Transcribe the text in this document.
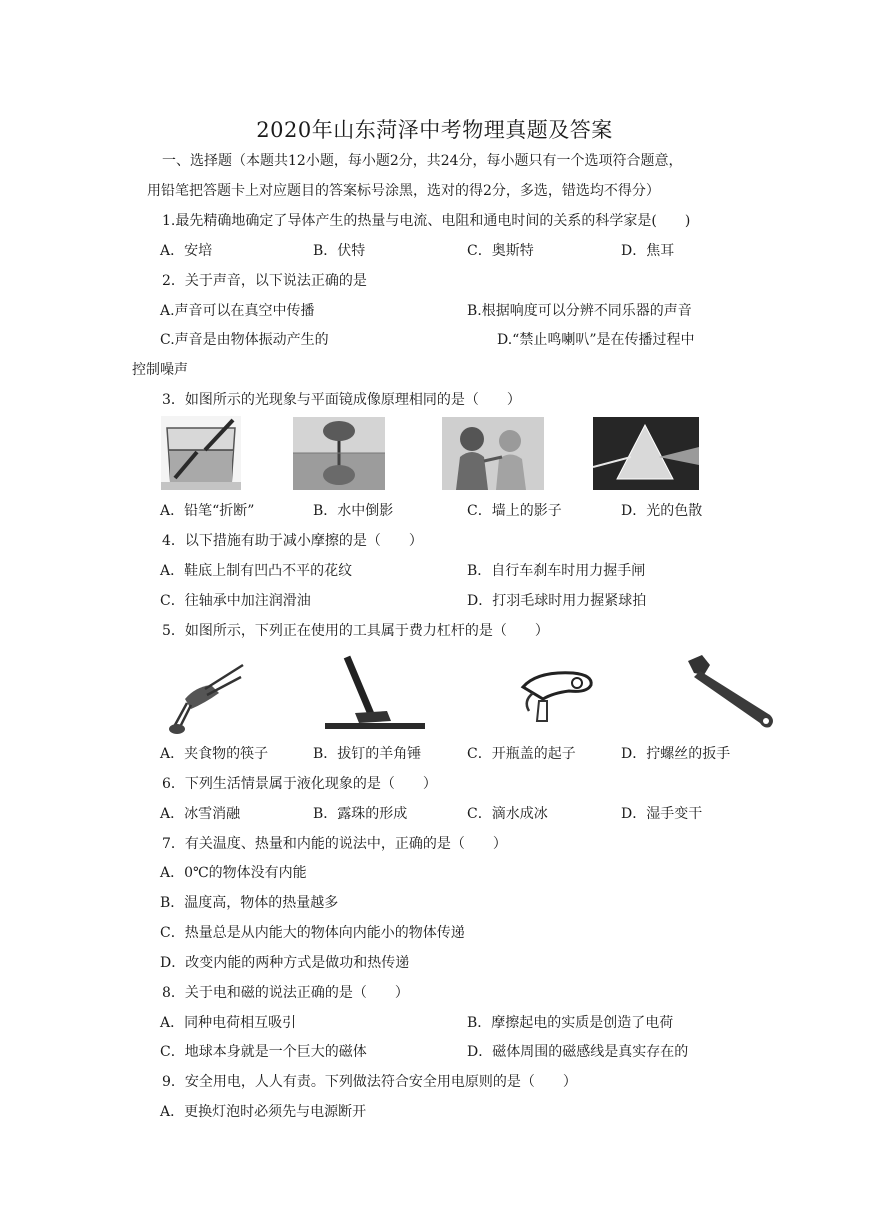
2020年山东菏泽中考物理真题及答案
一、选择题（本题共12小题，每小题2分，共24分，每小题只有一个选项符合题意，
用铅笔把答题卡上对应题目的答案标号涂黑，选对的得2分，多选，错选均不得分）
1.最先精确地确定了导体产生的热量与电流、电阻和通电时间的关系的科学家是(　　)
A．安培	B．伏特	C．奥斯特	D．焦耳
2．关于声音，以下说法正确的是
A.声音可以在真空中传播	B.根据响度可以分辨不同乐器的声音
C.声音是由物体振动产生的	D.“禁止鸣喇叭”是在传播过程中
控制噪声
3．如图所示的光现象与平面镜成像原理相同的是（　　）
A．铅笔“折断”	B．水中倒影	C．墙上的影子	D．光的色散
4．以下措施有助于减小摩擦的是（　　）
A．鞋底上制有凹凸不平的花纹	B．自行车刹车时用力握手闸
C．往轴承中加注润滑油	D．打羽毛球时用力握紧球拍
5．如图所示，下列正在使用的工具属于费力杠杆的是（　　）
A．夹食物的筷子	B．拔钉的羊角锤	C．开瓶盖的起子	D．拧螺丝的扳手
6．下列生活情景属于液化现象的是（　　）
A．冰雪消融	B．露珠的形成	C．滴水成冰	D．湿手变干
7．有关温度、热量和内能的说法中，正确的是（　　）
A．0℃的物体没有内能
B．温度高，物体的热量越多
C．热量总是从内能大的物体向内能小的物体传递
D．改变内能的两种方式是做功和热传递
8．关于电和磁的说法正确的是（　　）
A．同种电荷相互吸引	B．摩擦起电的实质是创造了电荷
C．地球本身就是一个巨大的磁体	D．磁体周围的磁感线是真实存在的
9．安全用电，人人有责。下列做法符合安全用电原则的是（　　）
A．更换灯泡时必须先与电源断开
